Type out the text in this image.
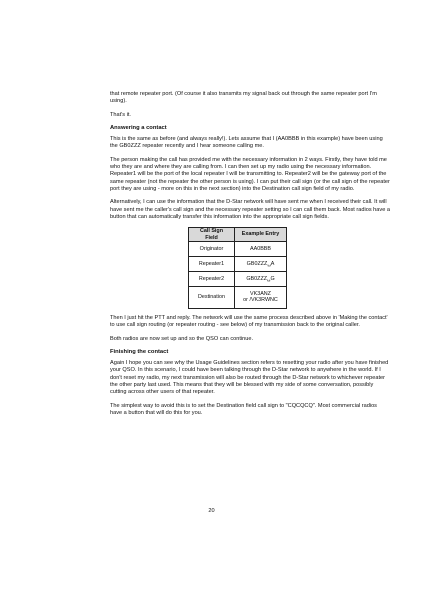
that remote repeater port. (Of course it also transmits my signal back out through the same repeater port I'm using).

That's it.

Answering a contact

This is the same as before (and always really!). Lets assume that I (AA0BBB in this example) have been using the GB0ZZZ repeater recently and I hear someone calling me.

The person making the call has provided me with the necessary information in 2 ways. Firstly, they have told me who they are and where they are calling from. I can then set up my radio using the necessary information. Repeater1 will be the port of the local repeater I will be transmitting to. Repeater2 will be the gateway port of the same repeater (not the repeater the other person is using). I can put their call sign (or the call sign of the repeater port they are using - more on this in the next section) into the Destination call sign field of my radio.

Alternatively, I can use the information that the D-Star network will have sent me when I received their call. It will have sent me the caller's call sign and the necessary repeater setting so I can call them back. Most radios have a button that can automatically transfer this information into the appropriate call sign fields.

Call Sign Field	Example Entry
Originator	AA0BBB
Repeater1	GB0ZZZ␣A
Repeater2	GB0ZZZ␣G
Destination	VK3ANZ
or /VK3RWNC

Then I just hit the PTT and reply. The network will use the same process described above in 'Making the contact' to use call sign routing (or repeater routing - see below) of my transmission back to the original caller.

Both radios are now set up and so the QSO can continue.

Finishing the contact

Again I hope you can see why the Usage Guidelines section refers to resetting your radio after you have finished your QSO. In this scenario, I could have been talking through the D-Star network to anywhere in the world. If I don't reset my radio, my next transmission will also be routed through the D-Star network to whichever repeater the other party last used. This means that they will be blessed with my side of some conversation, possibly cutting across other users of that repeater.

The simplest way to avoid this is to set the Destination field call sign to "CQCQCQ". Most commercial radios have a button that will do this for you.

20
